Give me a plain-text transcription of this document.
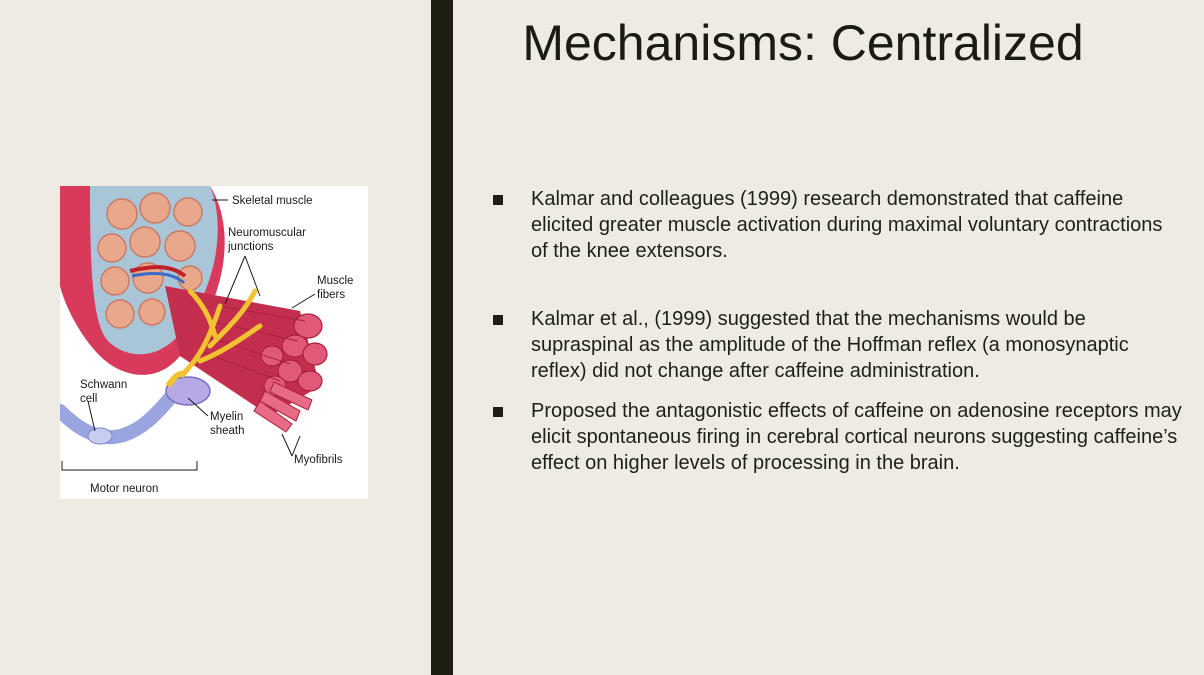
Skeletal muscle
Neuromuscular
junctions
Muscle
fibers
Schwann
cell
Myelin
sheath
Myofibrils
Motor neuron
Mechanisms: Centralized
Kalmar and colleagues (1999) research demonstrated that caffeine elicited greater muscle activation during maximal voluntary contractions of the knee extensors.
Kalmar et al., (1999) suggested that the mechanisms would be supraspinal as the amplitude of the Hoffman reflex (a monosynaptic reflex) did not change after caffeine administration.
Proposed the antagonistic effects of caffeine on adenosine receptors may elicit spontaneous firing in cerebral cortical neurons suggesting caffeine’s effect on higher levels of processing in the brain.
